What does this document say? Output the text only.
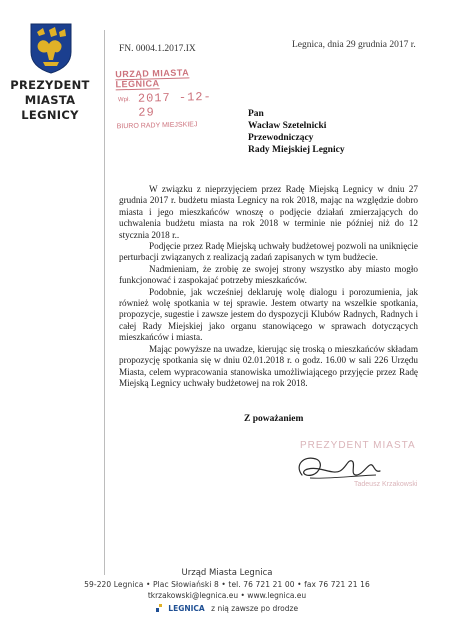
PREZYDENT
MIASTA
LEGNICY
FN. 0004.1.2017.IX	Legnica, dnia 29 grudnia 2017 r.
URZĄD MIASTA LEGNICA
Wpł. 2017 -12- 29
BIURO RADY MIEJSKIEJ
Pan
Wacław Szetelnicki
Przewodniczący
Rady Miejskiej Legnicy

W związku z nieprzyjęciem przez Radę Miejską Legnicy w dniu 27 grudnia 2017 r. budżetu miasta Legnicy na rok 2018, mając na względzie dobro miasta i jego mieszkańców wnoszę o podjęcie działań zmierzających do uchwalenia budżetu miasta na rok 2018 w terminie nie później niż do 12 stycznia 2018 r..

Podjęcie przez Radę Miejską uchwały budżetowej pozwoli na uniknięcie perturbacji związanych z realizacją zadań zapisanych w tym budżecie.

Nadmieniam, że zrobię ze swojej strony wszystko aby miasto mogło funkcjonować i zaspokajać potrzeby mieszkańców.

Podobnie, jak wcześniej deklaruję wolę dialogu i porozumienia, jak również wolę spotkania w tej sprawie. Jestem otwarty na wszelkie spotkania, propozycje, sugestie i zawsze jestem do dyspozycji Klubów Radnych, Radnych i całej Rady Miejskiej jako organu stanowiącego w sprawach dotyczących mieszkańców i miasta.

Mając powyższe na uwadze, kierując się troską o mieszkańców składam propozycję spotkania się w dniu 02.01.2018 r. o godz. 16.00 w sali 226 Urzędu Miasta, celem wypracowania stanowiska umożliwiającego przyjęcie przez Radę Miejską Legnicy uchwały budżetowej na rok 2018.

Z poważaniem
PREZYDENT MIASTA
Tadeusz Krzakowski
Urząd Miasta Legnica
59-220 Legnica • Plac Słowiański 8 • tel. 76 721 21 00 • fax 76 721 21 16
tkrzakowski@legnica.eu • www.legnica.eu
LEGNICA z nią zawsze po drodze
